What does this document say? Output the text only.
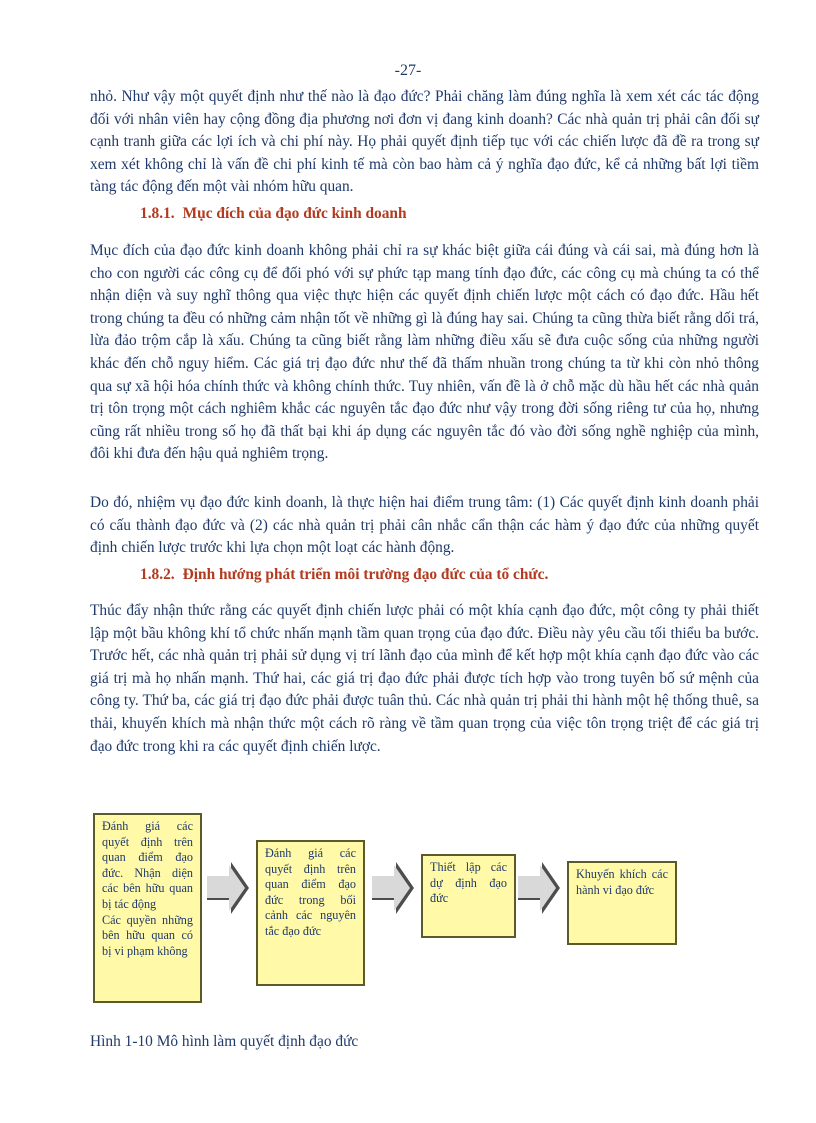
-27-

nhỏ. Như vậy một quyết định như thế nào là đạo đức? Phải chăng làm đúng nghĩa là xem xét các tác động đối với nhân viên hay cộng đồng địa phương nơi đơn vị đang kinh doanh? Các nhà quản trị phải cân đối sự cạnh tranh giữa các lợi ích và chi phí này. Họ phải quyết định tiếp tục với các chiến lược đã đề ra trong sự xem xét không chỉ là vấn đề chi phí kinh tế mà còn bao hàm cả ý nghĩa đạo đức, kể cả những bất lợi tiềm tàng tác động đến một vài nhóm hữu quan.

1.8.1. Mục đích của đạo đức kinh doanh

Mục đích của đạo đức kinh doanh không phải chỉ ra sự khác biệt giữa cái đúng và cái sai, mà đúng hơn là cho con người các công cụ để đối phó với sự phức tạp mang tính đạo đức, các công cụ mà chúng ta có thể nhận diện và suy nghĩ thông qua việc thực hiện các quyết định chiến lược một cách có đạo đức. Hầu hết trong chúng ta đều có những cảm nhận tốt về những gì là đúng hay sai. Chúng ta cũng thừa biết rằng dối trá, lừa đảo trộm cắp là xấu. Chúng ta cũng biết rằng làm những điều xấu sẽ đưa cuộc sống của những người khác đến chỗ nguy hiểm. Các giá trị đạo đức như thế đã thấm nhuần trong chúng ta từ khi còn nhỏ thông qua sự xã hội hóa chính thức và không chính thức. Tuy nhiên, vấn đề là ở chỗ mặc dù hầu hết các nhà quản trị tôn trọng một cách nghiêm khắc các nguyên tắc đạo đức như vậy trong đời sống riêng tư của họ, nhưng cũng rất nhiều trong số họ đã thất bại khi áp dụng các nguyên tắc đó vào đời sống nghề nghiệp của mình, đôi khi đưa đến hậu quả nghiêm trọng.

Do đó, nhiệm vụ đạo đức kinh doanh, là thực hiện hai điểm trung tâm: (1) Các quyết định kinh doanh phải có cấu thành đạo đức và (2) các nhà quản trị phải cân nhắc cẩn thận các hàm ý đạo đức của những quyết định chiến lược trước khi lựa chọn một loạt các hành động.

1.8.2. Định hướng phát triển môi trường đạo đức của tổ chức.

Thúc đẩy nhận thức rằng các quyết định chiến lược phải có một khía cạnh đạo đức, một công ty phải thiết lập một bầu không khí tổ chức nhấn mạnh tầm quan trọng của đạo đức. Điều này yêu cầu tối thiểu ba bước. Trước hết, các nhà quản trị phải sử dụng vị trí lãnh đạo của mình để kết hợp một khía cạnh đạo đức vào các giá trị mà họ nhấn mạnh. Thứ hai, các giá trị đạo đức phải được tích hợp vào trong tuyên bố sứ mệnh của công ty. Thứ ba, các giá trị đạo đức phải được tuân thủ. Các nhà quản trị phải thi hành một hệ thống thuê, sa thải, khuyến khích mà nhận thức một cách rõ ràng về tầm quan trọng của việc tôn trọng triệt để các giá trị đạo đức trong khi ra các quyết định chiến lược.

Đánh giá các quyết định trên quan điểm đạo đức. Nhận diện các bên hữu quan bị tác động
Các quyền những bên hữu quan có bị vi phạm không
Đánh giá các quyết định trên quan điểm đạo đức trong bối cảnh các nguyên tắc đạo đức
Thiết lập các dự định đạo đức
Khuyến khích các hành vi đạo đức
Hình 1-10 Mô hình làm quyết định đạo đức
